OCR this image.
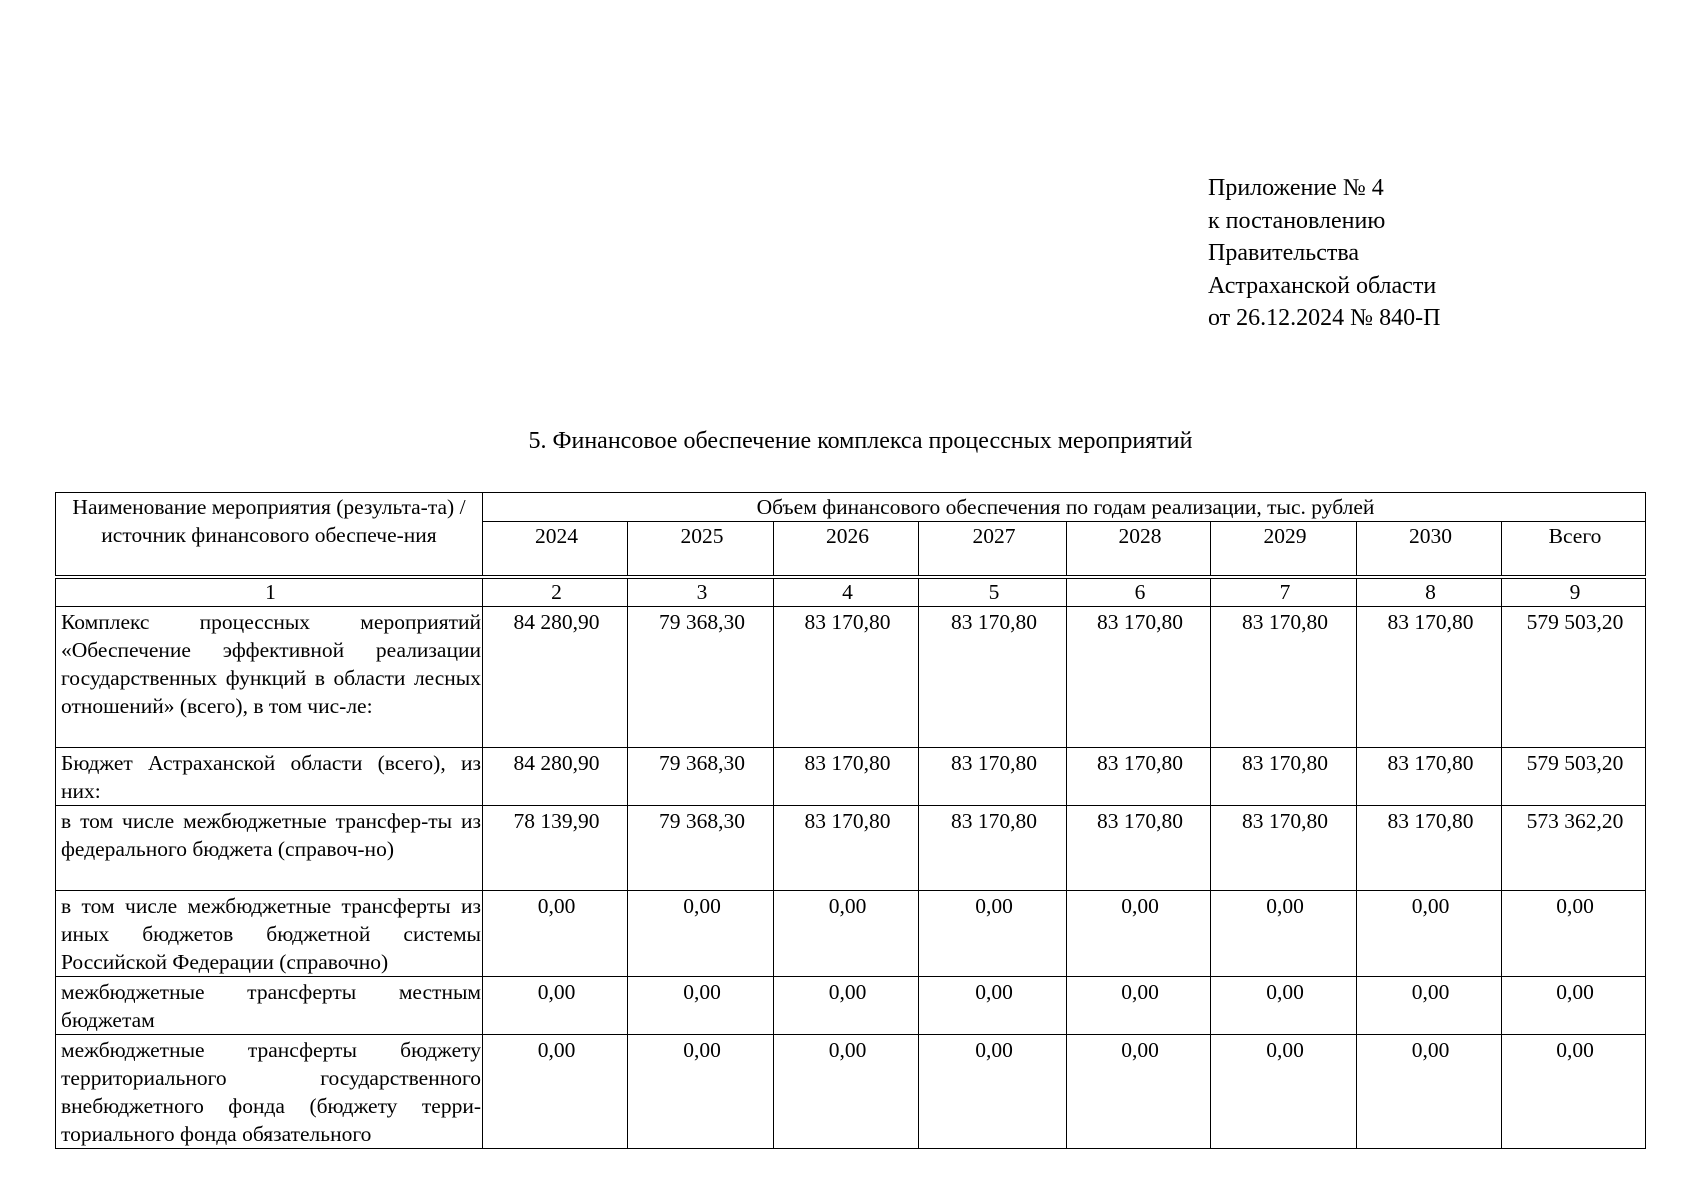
Приложение № 4
к постановлению
Правительства
Астраханской области
от 26.12.2024 № 840-П
5. Финансовое обеспечение комплекса процессных мероприятий
Наименование мероприятия (результа-та) / источник финансового обеспече-ния	Объем финансового обеспечения по годам реализации, тыс. рублей							
	2024	2025	2026	2027	2028	2029	2030	Всего
1	2	3	4	5	6	7	8	9
Комплекс процессных мероприятий «Обеспечение эффективной реализации государственных функций в области лесных отношений» (всего), в том чис-ле:	84 280,90	79 368,30	83 170,80	83 170,80	83 170,80	83 170,80	83 170,80	579 503,20
Бюджет Астраханской области (всего), из них:	84 280,90	79 368,30	83 170,80	83 170,80	83 170,80	83 170,80	83 170,80	579 503,20
в том числе межбюджетные трансфер-ты из федерального бюджета (справоч-но)	78 139,90	79 368,30	83 170,80	83 170,80	83 170,80	83 170,80	83 170,80	573 362,20
в том числе межбюджетные трансферты из иных бюджетов бюджетной системы Российской Федерации (справочно)	0,00	0,00	0,00	0,00	0,00	0,00	0,00	0,00
межбюджетные трансферты местным бюджетам	0,00	0,00	0,00	0,00	0,00	0,00	0,00	0,00
межбюджетные трансферты бюджету территориального государственного внебюджетного фонда (бюджету терри-ториального фонда обязательного	0,00	0,00	0,00	0,00	0,00	0,00	0,00	0,00
